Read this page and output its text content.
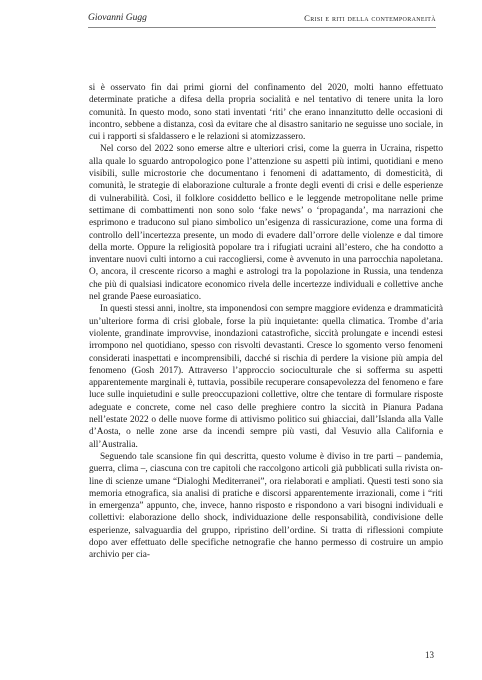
Giovanni Gugg	Crisi e riti della contemporaneità

si è osservato fin dai primi giorni del confinamento del 2020, molti hanno effettuato determinate pratiche a difesa della propria socialità e nel tentativo di tenere unita la loro comunità. In questo modo, sono stati inventati ‘riti’ che erano innanzitutto delle occasioni di incontro, sebbene a distanza, così da evitare che al disastro sanitario ne seguisse uno sociale, in cui i rapporti si sfaldassero e le relazioni si atomizzassero.

Nel corso del 2022 sono emerse altre e ulteriori crisi, come la guerra in Ucraina, rispetto alla quale lo sguardo antropologico pone l’attenzione su aspetti più intimi, quotidiani e meno visibili, sulle microstorie che documentano i fenomeni di adattamento, di domesticità, di comunità, le strategie di elaborazione culturale a fronte degli eventi di crisi e delle esperienze di vulnerabilità. Così, il folklore cosiddetto bellico e le leggende metropolitane nelle prime settimane di combattimenti non sono solo ‘fake news’ o ‘propaganda’, ma narrazioni che esprimono e traducono sul piano simbolico un’esigenza di rassicurazione, come una forma di controllo dell’incertezza presente, un modo di evadere dall’orrore delle violenze e dal timore della morte. Oppure la religiosità popolare tra i rifugiati ucraini all’estero, che ha condotto a inventare nuovi culti intorno a cui raccogliersi, come è avvenuto in una parrocchia napoletana. O, ancora, il crescente ricorso a maghi e astrologi tra la popolazione in Russia, una tendenza che più di qualsiasi indicatore economico rivela delle incertezze individuali e collettive anche nel grande Paese euroasiatico.

In questi stessi anni, inoltre, sta imponendosi con sempre maggiore evidenza e drammaticità un’ulteriore forma di crisi globale, forse la più inquietante: quella climatica. Trombe d’aria violente, grandinate improvvise, inondazioni catastrofiche, siccità prolungate e incendi estesi irrompono nel quotidiano, spesso con risvolti devastanti. Cresce lo sgomento verso fenomeni considerati inaspettati e incomprensibili, dacché si rischia di perdere la visione più ampia del fenomeno (Gosh 2017). Attraverso l’approccio socioculturale che si sofferma su aspetti apparentemente marginali è, tuttavia, possibile recuperare consapevolezza del fenomeno e fare luce sulle inquietudini e sulle preoccupazioni collettive, oltre che tentare di formulare risposte adeguate e concrete, come nel caso delle preghiere contro la siccità in Pianura Padana nell’estate 2022 o delle nuove forme di attivismo politico sui ghiacciai, dall’Islanda alla Valle d’Aosta, o nelle zone arse da incendi sempre più vasti, dal Vesuvio alla California e all’Australia.

Seguendo tale scansione fin qui descritta, questo volume è diviso in tre parti – pandemia, guerra, clima –, ciascuna con tre capitoli che raccolgono articoli già pubblicati sulla rivista on-line di scienze umane “Dialoghi Mediterranei”, ora rielaborati e ampliati. Questi testi sono sia memoria etnografica, sia analisi di pratiche e discorsi apparentemente irrazionali, come i “riti in emergenza” appunto, che, invece, hanno risposto e rispondono a vari bisogni individuali e collettivi: elaborazione dello shock, individuazione delle responsabilità, condivisione delle esperienze, salvaguardia del gruppo, ripristino dell’ordine. Si tratta di riflessioni compiute dopo aver effettuato delle specifiche netnografie che hanno permesso di costruire un ampio archivio per cia-

13
